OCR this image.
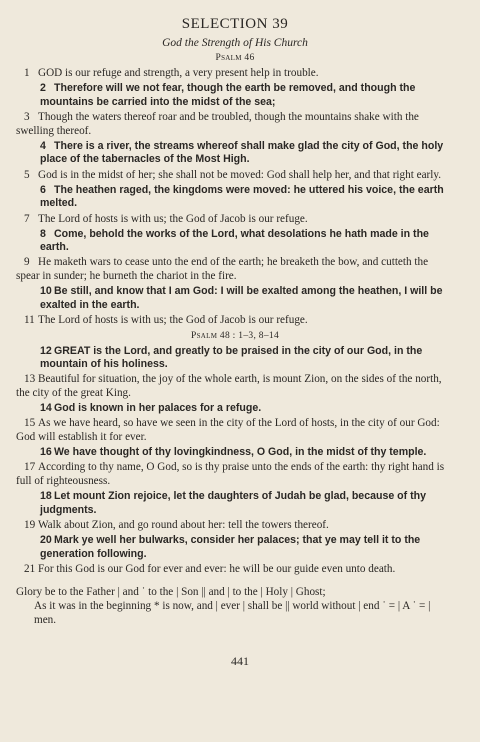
SELECTION 39
God the Strength of His Church
Psalm 46

1 GOD is our refuge and strength, a very present help in trouble.

2 Therefore will we not fear, though the earth be removed, and though the mountains be carried into the midst of the sea;

3 Though the waters thereof roar and be troubled, though the mountains shake with the swelling thereof.

4 There is a river, the streams whereof shall make glad the city of God, the holy place of the tabernacles of the Most High.

5 God is in the midst of her; she shall not be moved: God shall help her, and that right early.

6 The heathen raged, the kingdoms were moved: he uttered his voice, the earth melted.

7 The Lord of hosts is with us; the God of Jacob is our refuge.

8 Come, behold the works of the Lord, what desolations he hath made in the earth.

9 He maketh wars to cease unto the end of the earth; he breaketh the bow, and cutteth the spear in sunder; he burneth the chariot in the fire.

10 Be still, and know that I am God: I will be exalted among the heathen, I will be exalted in the earth.

11 The Lord of hosts is with us; the God of Jacob is our refuge.

Psalm 48 : 1–3, 8–14

12 GREAT is the Lord, and greatly to be praised in the city of our God, in the mountain of his holiness.

13 Beautiful for situation, the joy of the whole earth, is mount Zion, on the sides of the north, the city of the great King.

14 God is known in her palaces for a refuge.

15 As we have heard, so have we seen in the city of the Lord of hosts, in the city of our God: God will establish it for ever.

16 We have thought of thy lovingkindness, O God, in the midst of thy temple.

17 According to thy name, O God, so is thy praise unto the ends of the earth: thy right hand is full of righteousness.

18 Let mount Zion rejoice, let the daughters of Judah be glad, because of thy judgments.

19 Walk about Zion, and go round about her: tell the towers thereof.

20 Mark ye well her bulwarks, consider her palaces; that ye may tell it to the generation following.

21 For this God is our God for ever and ever: he will be our guide even unto death.

Glory be to the Father | and ˙ to the | Son || and | to the | Holy | Ghost;
As it was in the beginning * is now, and | ever | shall be || world without | end ˙ = | A ˙ = | men.
441
